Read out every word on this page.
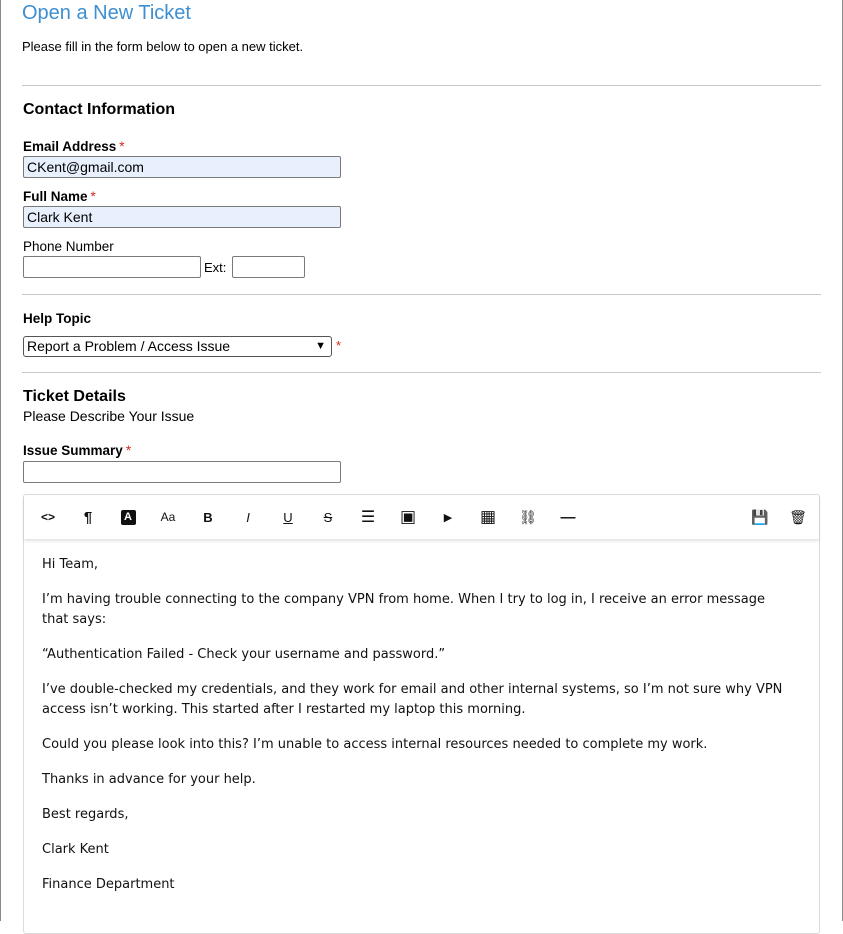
Open a New Ticket
Please fill in the form below to open a new ticket.
Contact Information
Email Address *
CKent@gmail.com
Full Name *
Clark Kent
Phone Number
Ext:
Help Topic
Report a Problem / Access Issue	▼ *
Ticket Details
Please Describe Your Issue
Issue Summary *
<>	¶	A	Aa	B	I	U	S	☰ ▣	▶	▦ ⛓	—	💾 🗑

Hi Team,

I’m having trouble connecting to the company VPN from home. When I try to log in, I receive an error message that says:

“Authentication Failed - Check your username and password.”

I’ve double-checked my credentials, and they work for email and other internal systems, so I’m not sure why VPN access isn’t working. This started after I restarted my laptop this morning.

Could you please look into this? I’m unable to access internal resources needed to complete my work.

Thanks in advance for your help.

Best regards,

Clark Kent

Finance Department
